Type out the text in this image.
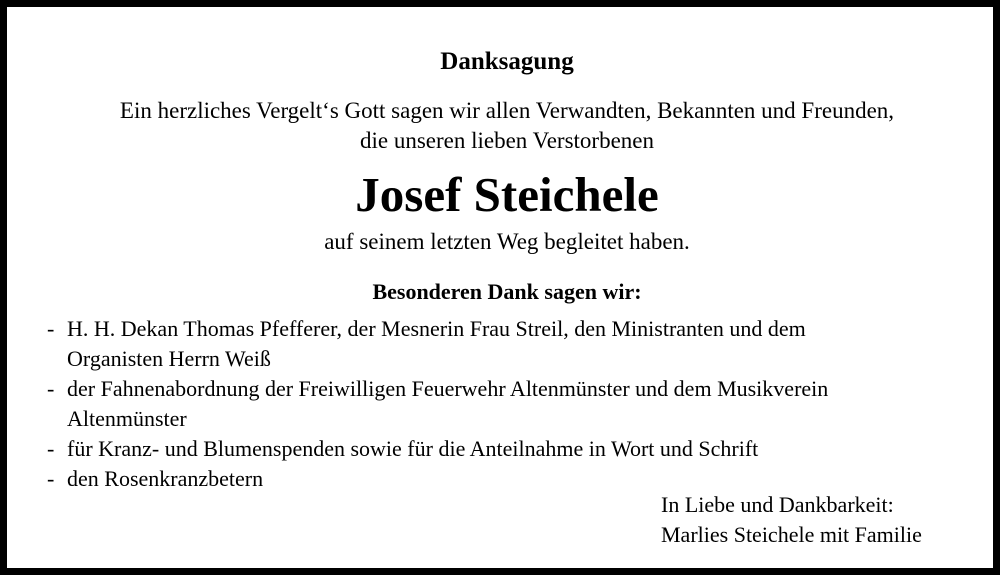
Danksagung
Ein herzliches Vergelt‘s Gott sagen wir allen Verwandten, Bekannten und Freunden,
die unseren lieben Verstorbenen
Josef Steichele
auf seinem letzten Weg begleitet haben.
Besonderen Dank sagen wir:
- H. H. Dekan Thomas Pfefferer, der Mesnerin Frau Streil, den Ministranten und dem
Organisten Herrn Weiß
- der Fahnenabordnung der Freiwilligen Feuerwehr Altenmünster und dem Musikverein
Altenmünster
- für Kranz- und Blumenspenden sowie für die Anteilnahme in Wort und Schrift
- den Rosenkranzbetern
In Liebe und Dankbarkeit:
Marlies Steichele mit Familie
